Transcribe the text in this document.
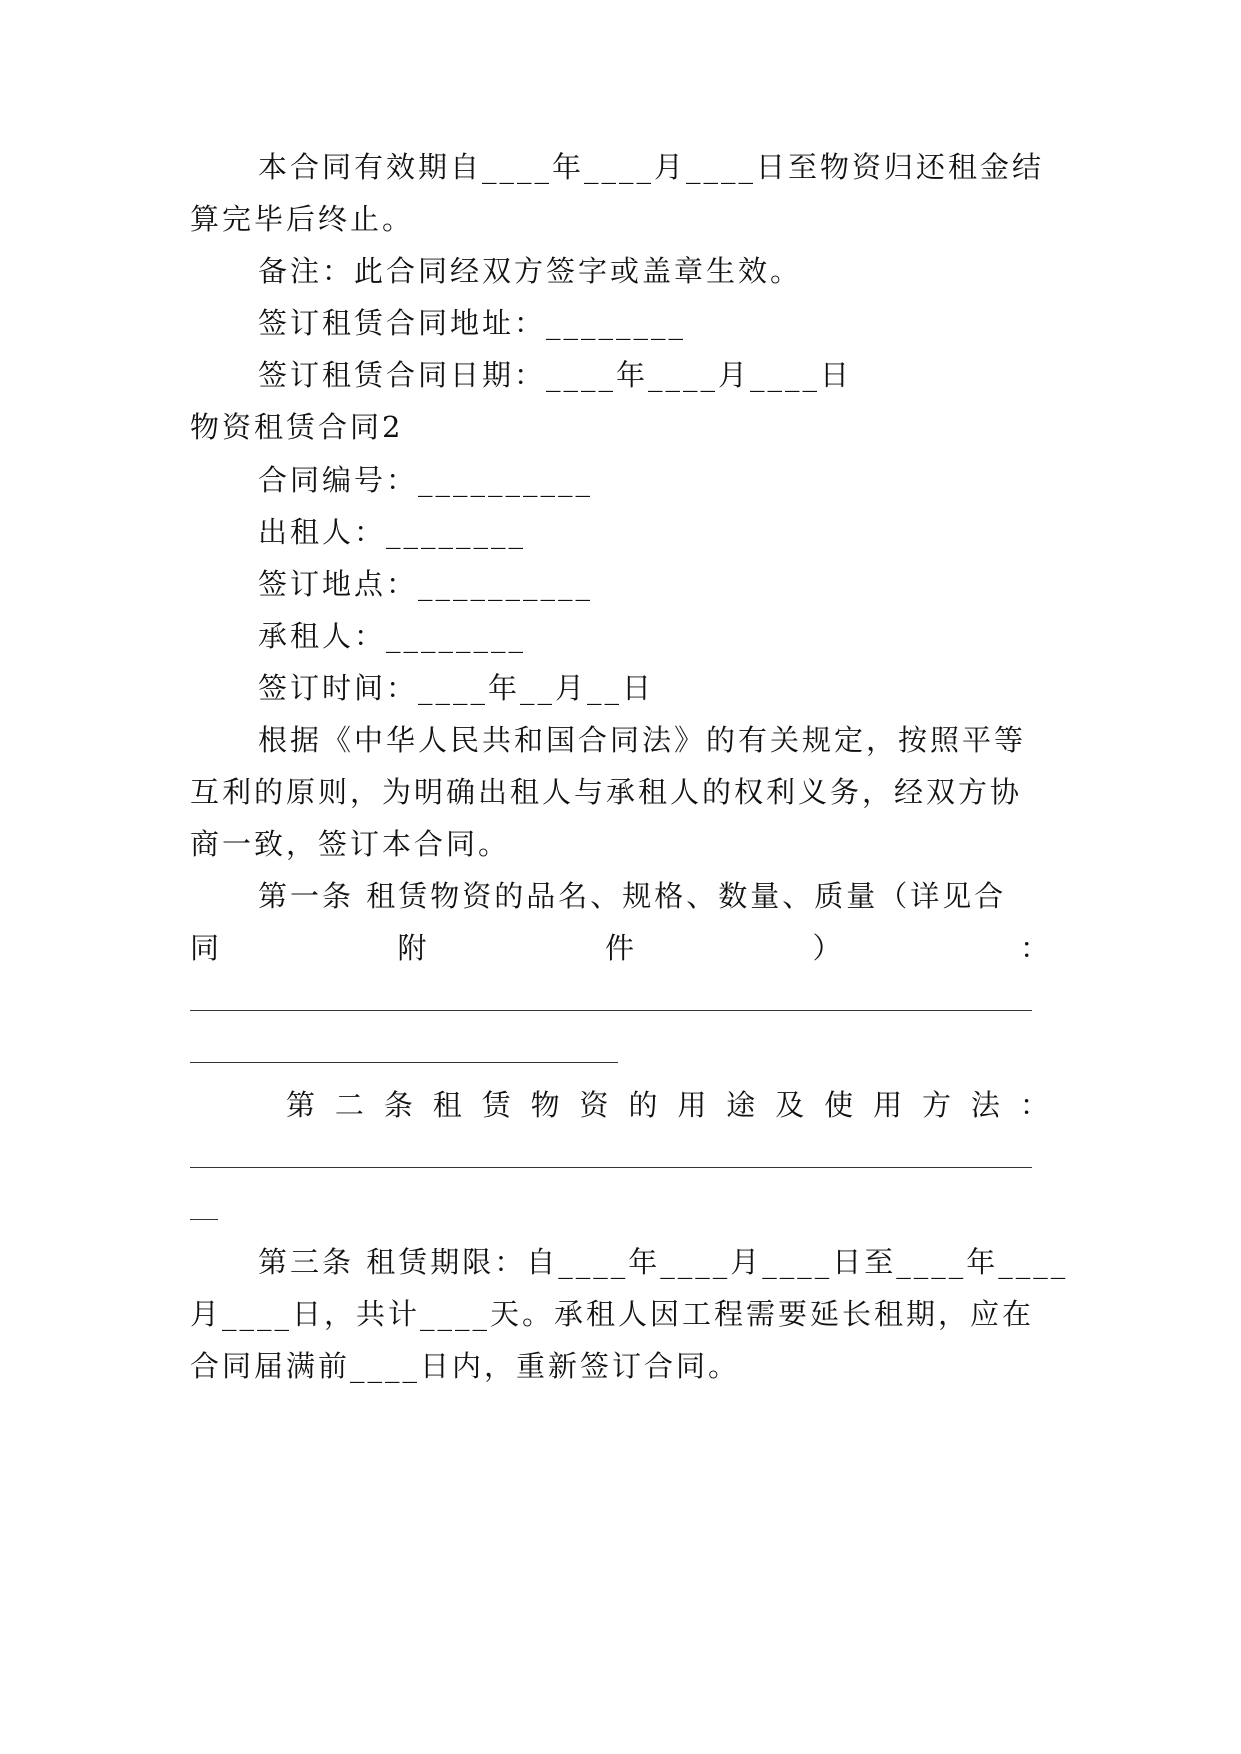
本合同有效期自____年____月____日至物资归还租金结
算完毕后终止。
备注：此合同经双方签字或盖章生效。
签订租赁合同地址：________
签订租赁合同日期：____年____月____日
物资租赁合同2
合同编号：__________
出租人：________
签订地点：__________
承租人：________
签订时间：____年__月__日
根据《中华人民共和国合同法》的有关规定，按照平等
互利的原则，为明确出租人与承租人的权利义务，经双方协
商一致，签订本合同。
第一条 租赁物资的品名、规格、数量、质量（详见合
同	附	件	）	：
第 二 条 租 赁 物 资 的 用 途 及 使 用 方 法 ：
第三条 租赁期限：自____年____月____日至____年____
月____日，共计____天。承租人因工程需要延长租期，应在
合同届满前____日内，重新签订合同。
